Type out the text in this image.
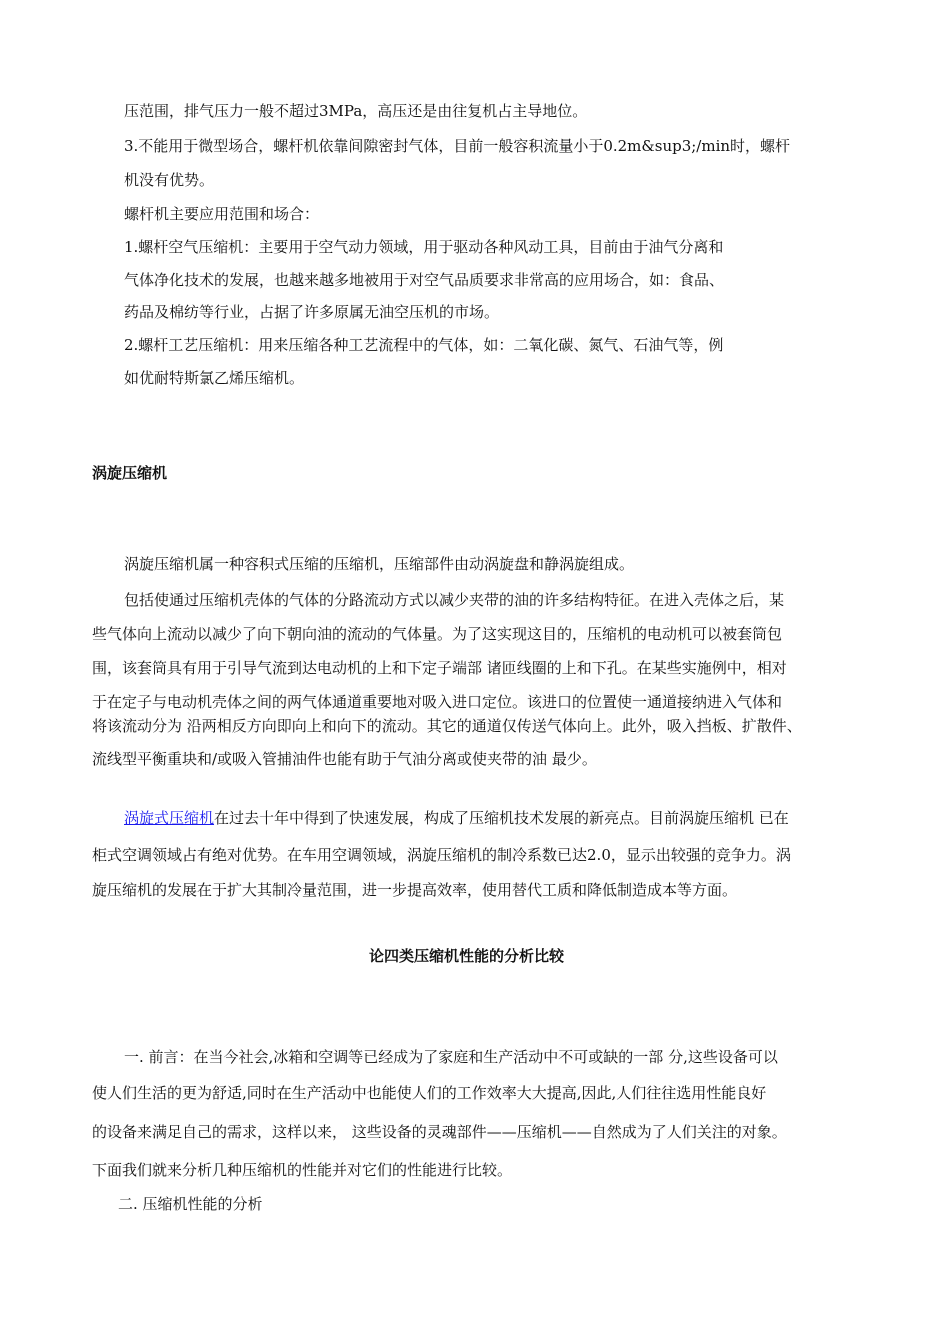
压范围，排气压力一般不超过3MPa，高压还是由往复机占主导地位。

3.不能用于微型场合，螺杆机依靠间隙密封气体，目前一般容积流量小于0.2m&sup3;/min时，螺杆

机没有优势。

螺杆机主要应用范围和场合：

1.螺杆空气压缩机：主要用于空气动力领域，用于驱动各种风动工具，目前由于油气分离和

气体净化技术的发展，也越来越多地被用于对空气品质要求非常高的应用场合，如：食品、

药品及棉纺等行业，占据了许多原属无油空压机的市场。

2.螺杆工艺压缩机：用来压缩各种工艺流程中的气体，如：二氧化碳、氮气、石油气等，例

如优耐特斯氯乙烯压缩机。

涡旋压缩机

涡旋压缩机属一种容积式压缩的压缩机，压缩部件由动涡旋盘和静涡旋组成。

包括使通过压缩机壳体的气体的分路流动方式以减少夹带的油的许多结构特征。在进入壳体之后，某

些气体向上流动以减少了向下朝向油的流动的气体量。为了这实现这目的，压缩机的电动机可以被套筒包

围，该套筒具有用于引导气流到达电动机的上和下定子端部 诸匝线圈的上和下孔。在某些实施例中，相对

于在定子与电动机壳体之间的两气体通道重要地对吸入进口定位。该进口的位置使一通道接纳进入气体和

将该流动分为 沿两相反方向即向上和向下的流动。其它的通道仅传送气体向上。此外，吸入挡板、扩散件、

流线型平衡重块和/或吸入管捕油件也能有助于气油分离或使夹带的油 最少。

涡旋式压缩机在过去十年中得到了快速发展，构成了压缩机技术发展的新亮点。目前涡旋压缩机 已在

柜式空调领域占有绝对优势。在车用空调领域，涡旋压缩机的制冷系数已达2.0，显示出较强的竞争力。涡

旋压缩机的发展在于扩大其制冷量范围，进一步提高效率，使用替代工质和降低制造成本等方面。

论四类压缩机性能的分析比较

一. 前言：在当今社会,冰箱和空调等已经成为了家庭和生产活动中不可或缺的一部 分,这些设备可以

使人们生活的更为舒适,同时在生产活动中也能使人们的工作效率大大提高,因此,人们往往选用性能良好

的设备来满足自己的需求，这样以来， 这些设备的灵魂部件——压缩机——自然成为了人们关注的对象。

下面我们就来分析几种压缩机的性能并对它们的性能进行比较。

二. 压缩机性能的分析
